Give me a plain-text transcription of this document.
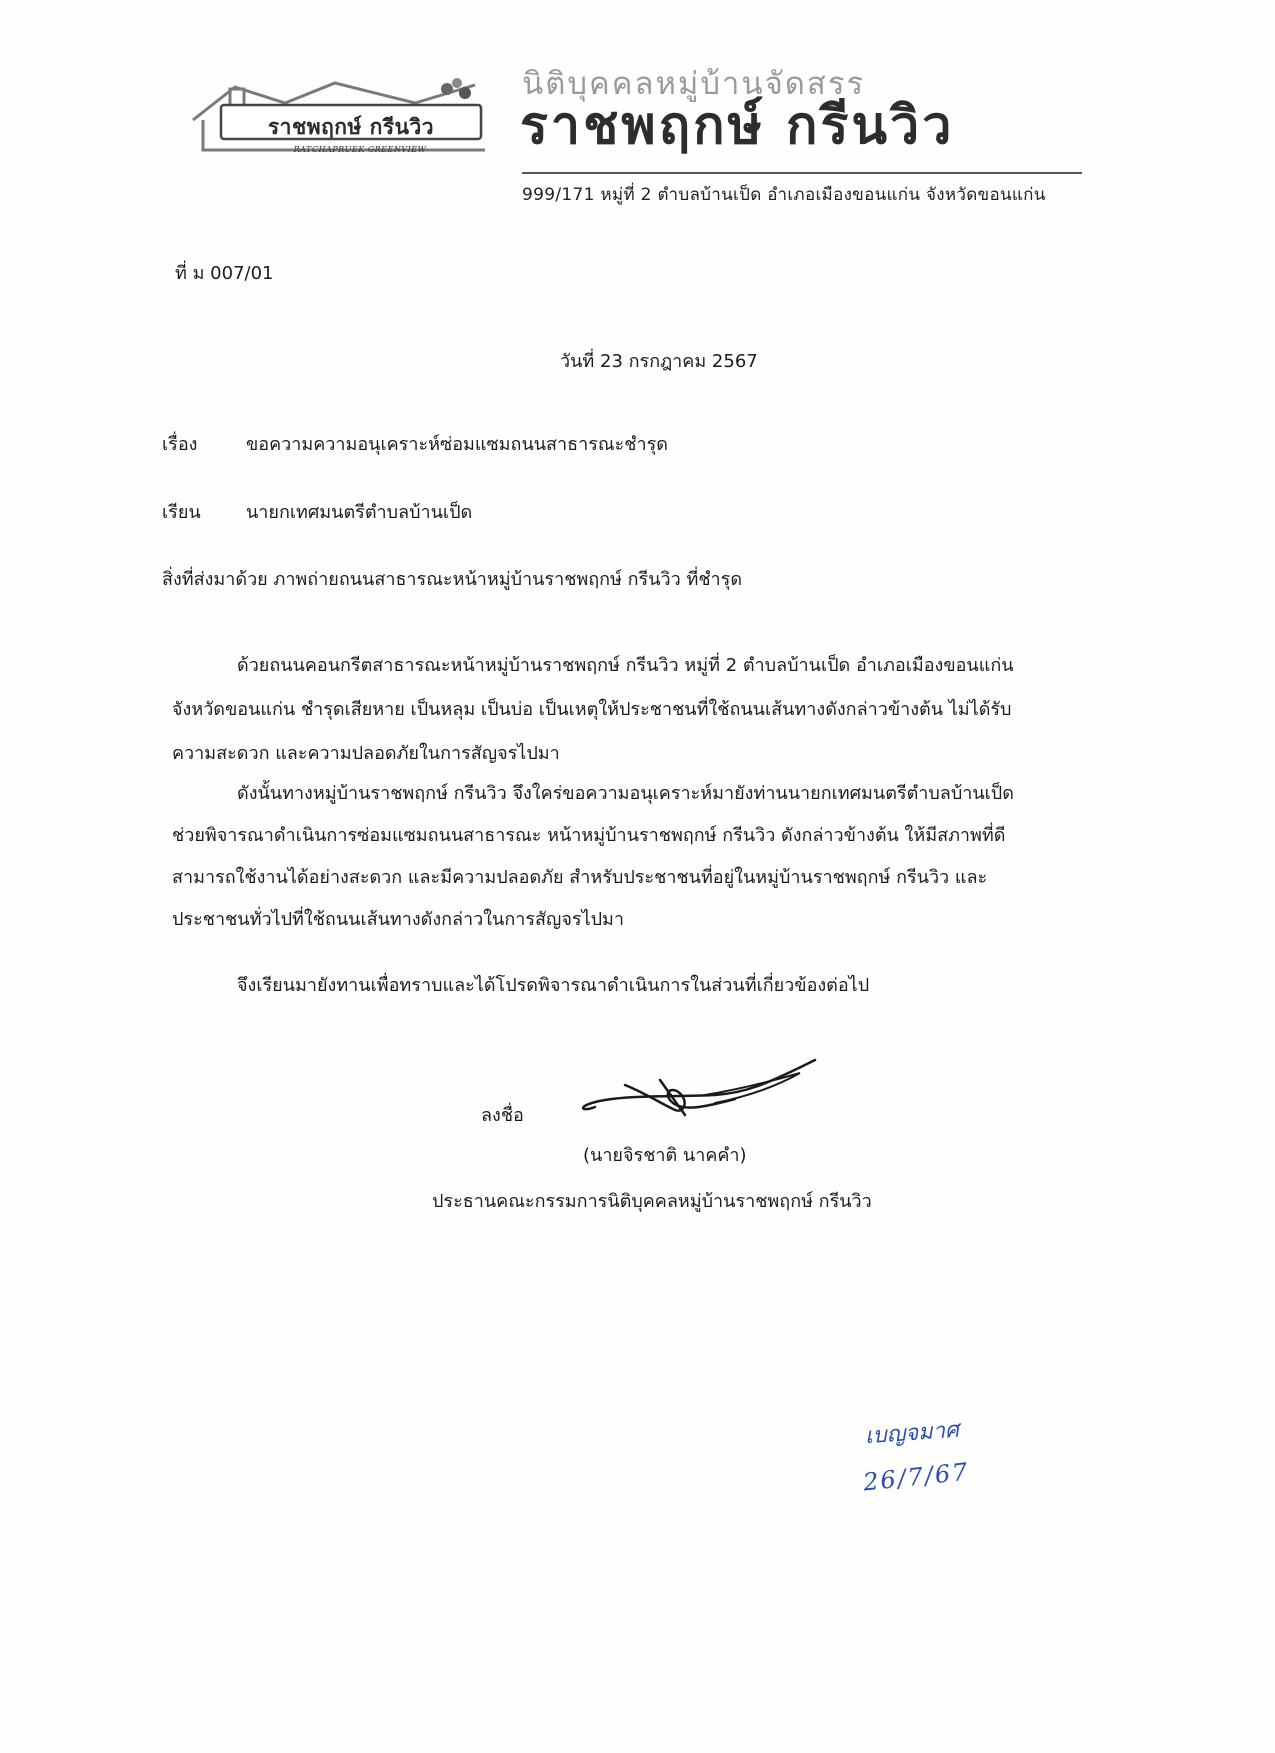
ราชพฤกษ์ กรีนวิว
RATCHAPRUEK GREENVIEW
นิติบุคคลหมู่บ้านจัดสรร
ราชพฤกษ์ กรีนวิว
999/171 หมู่ที่ 2 ตำบลบ้านเป็ด อำเภอเมืองขอนแก่น จังหวัดขอนแก่น
ที่ ม 007/01
วันที่ 23 กรกฎาคม 2567
เรื่อง	ขอความความอนุเคราะห์ซ่อมแซมถนนสาธารณะชำรุด
เรียน	นายกเทศมนตรีตำบลบ้านเป็ด
สิ่งที่ส่งมาด้วย ภาพถ่ายถนนสาธารณะหน้าหมู่บ้านราชพฤกษ์ กรีนวิว ที่ชำรุด
ด้วยถนนคอนกรีตสาธารณะหน้าหมู่บ้านราชพฤกษ์ กรีนวิว หมู่ที่ 2 ตำบลบ้านเป็ด อำเภอเมืองขอนแก่น
จังหวัดขอนแก่น ชำรุดเสียหาย เป็นหลุม เป็นบ่อ เป็นเหตุให้ประชาชนที่ใช้ถนนเส้นทางดังกล่าวข้างต้น ไม่ได้รับ
ความสะดวก และความปลอดภัยในการสัญจรไปมา
ดังนั้นทางหมู่บ้านราชพฤกษ์ กรีนวิว จึงใคร่ขอความอนุเคราะห์มายังท่านนายกเทศมนตรีตำบลบ้านเป็ด
ช่วยพิจารณาดำเนินการซ่อมแซมถนนสาธารณะ หน้าหมู่บ้านราชพฤกษ์ กรีนวิว ดังกล่าวข้างต้น ให้มีสภาพที่ดี
สามารถใช้งานได้อย่างสะดวก และมีความปลอดภัย สำหรับประชาชนที่อยู่ในหมู่บ้านราชพฤกษ์ กรีนวิว และ
ประชาชนทั่วไปที่ใช้ถนนเส้นทางดังกล่าวในการสัญจรไปมา
จึงเรียนมายังทานเพื่อทราบและได้โปรดพิจารณาดำเนินการในส่วนที่เกี่ยวข้องต่อไป
ลงชื่อ
(นายจิรชาติ นาคคำ)
ประธานคณะกรรมการนิติบุคคลหมู่บ้านราชพฤกษ์ กรีนวิว
เบญจมาศ
26/7/67
